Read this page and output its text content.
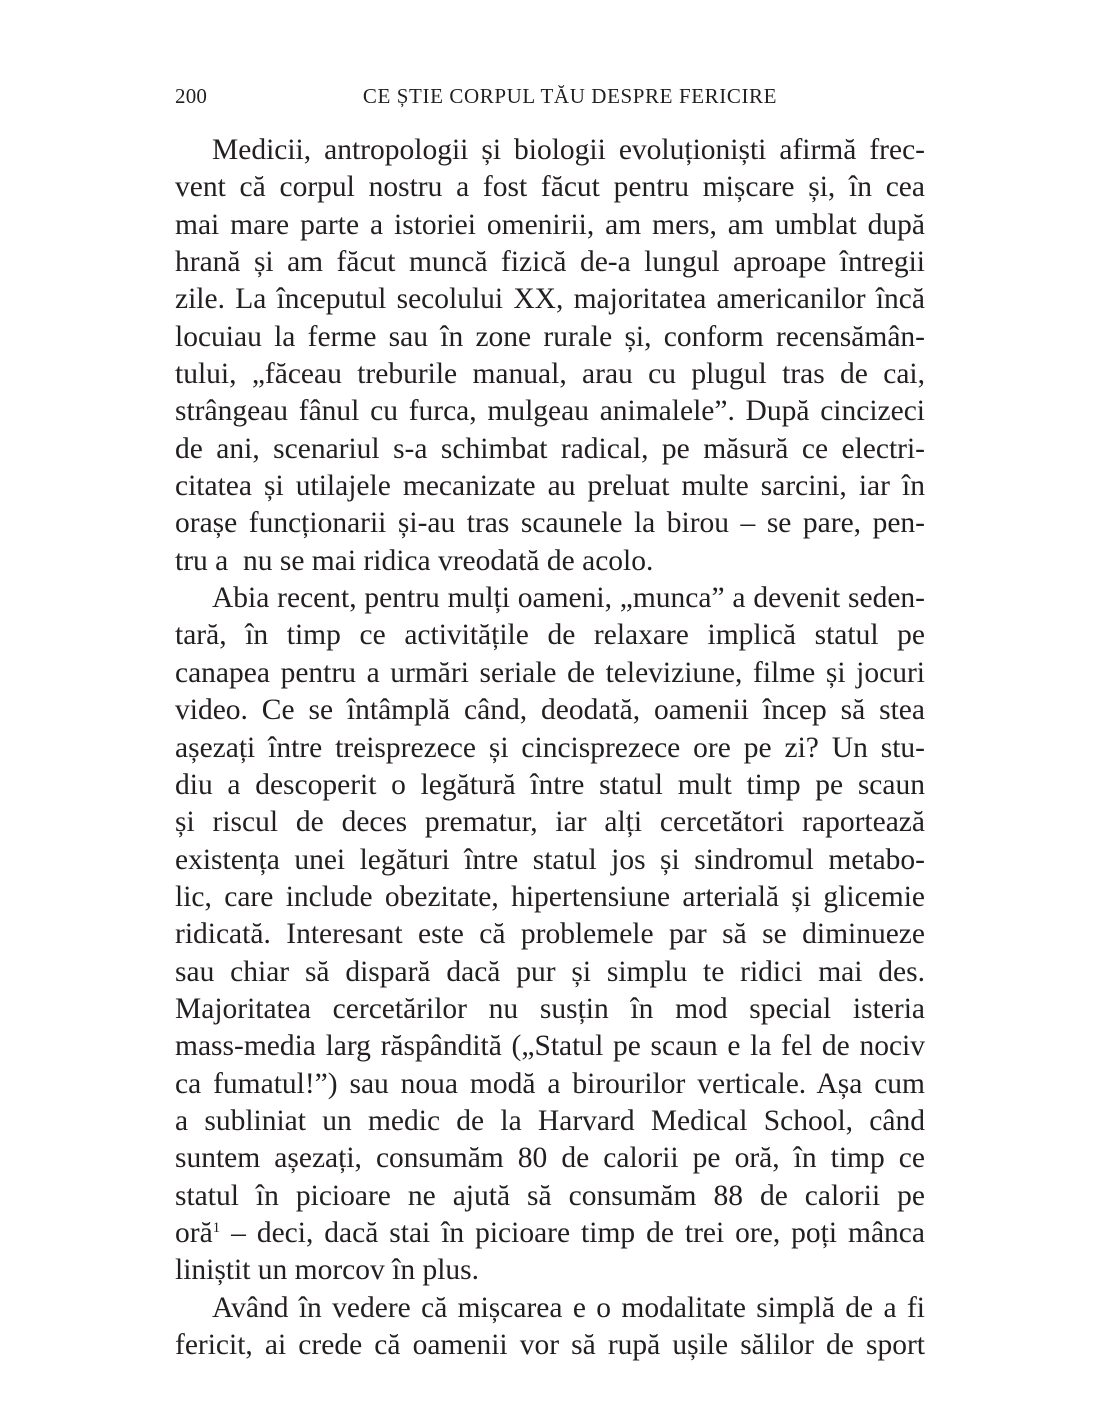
200	CE ȘTIE CORPUL TĂU DESPRE FERICIRE
Medicii, antropologii și biologii evoluționiști afirmă frec-
vent că corpul nostru a fost făcut pentru mișcare și, în cea
mai mare parte a istoriei omenirii, am mers, am umblat după
hrană și am făcut muncă fizică de-a lungul aproape întregii
zile. La începutul secolului XX, majoritatea americanilor încă
locuiau la ferme sau în zone rurale și, conform recensămân-
tului, „făceau treburile manual, arau cu plugul tras de cai,
strângeau fânul cu furca, mulgeau animalele”. După cincizeci
de ani, scenariul s-a schimbat radical, pe măsură ce electri-
citatea și utilajele mecanizate au preluat multe sarcini, iar în
orașe funcționarii și-au tras scaunele la birou – se pare, pen-
tru a  nu se mai ridica vreodată de acolo.
Abia recent, pentru mulți oameni, „munca” a devenit seden-
tară, în timp ce activitățile de relaxare implică statul pe
canapea pentru a urmări seriale de televiziune, filme și jocuri
video. Ce se întâmplă când, deodată, oamenii încep să stea
așezați între treisprezece și cincisprezece ore pe zi? Un stu-
diu a descoperit o legătură între statul mult timp pe scaun
și riscul de deces prematur, iar alți cercetători raportează
existența unei legături între statul jos și sindromul metabo-
lic, care include obezitate, hipertensiune arterială și glicemie
ridicată. Interesant este că problemele par să se diminueze
sau chiar să dispară dacă pur și simplu te ridici mai des.
Majoritatea cercetărilor nu susțin în mod special isteria
mass-media larg răspândită („Statul pe scaun e la fel de nociv
ca fumatul!”) sau noua modă a birourilor verticale. Așa cum
a subliniat un medic de la Harvard Medical School, când
suntem așezați, consumăm 80 de calorii pe oră, în timp ce
statul în picioare ne ajută să consumăm 88 de calorii pe
oră$^1$ – deci, dacă stai în picioare timp de trei ore, poți mânca
liniștit un morcov în plus.
Având în vedere că mișcarea e o modalitate simplă de a fi
fericit, ai crede că oamenii vor să rupă ușile sălilor de sport
